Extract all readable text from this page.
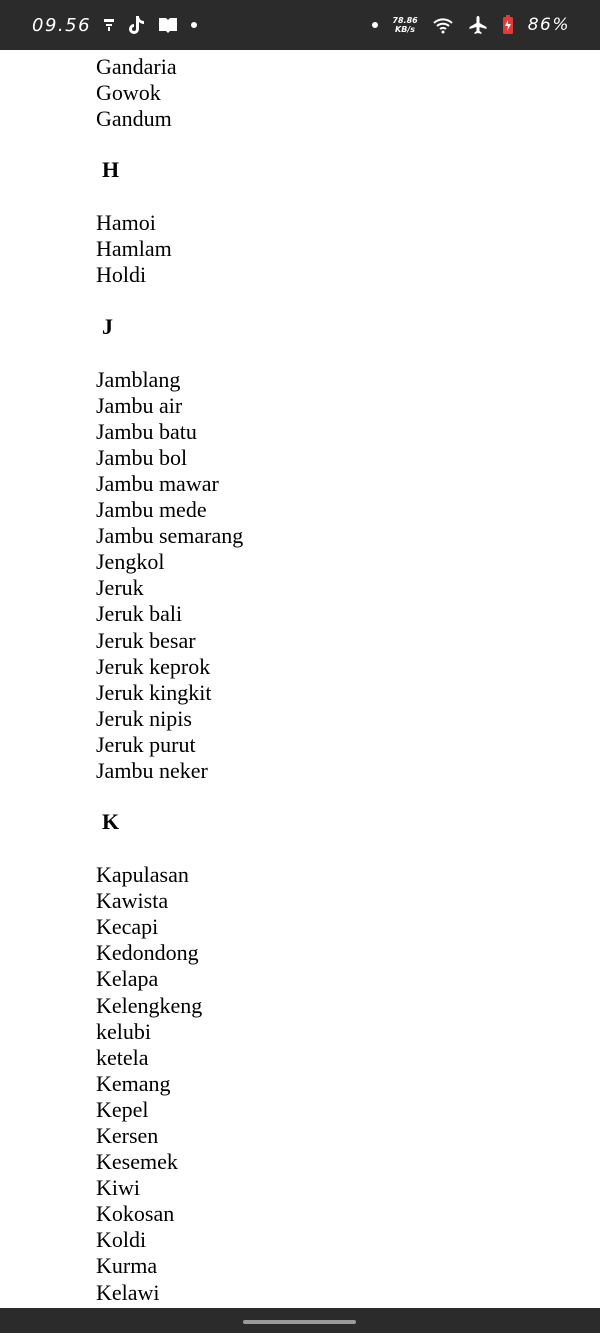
09.56	78.86
KB/s	86%
Gandaria
Gowok
Gandum
H
Hamoi
Hamlam
Holdi
J
Jamblang
Jambu air
Jambu batu
Jambu bol
Jambu mawar
Jambu mede
Jambu semarang
Jengkol
Jeruk
Jeruk bali
Jeruk besar
Jeruk keprok
Jeruk kingkit
Jeruk nipis
Jeruk purut
Jambu neker
K
Kapulasan
Kawista
Kecapi
Kedondong
Kelapa
Kelengkeng
kelubi
ketela
Kemang
Kepel
Kersen
Kesemek
Kiwi
Kokosan
Koldi
Kurma
Kelawi
